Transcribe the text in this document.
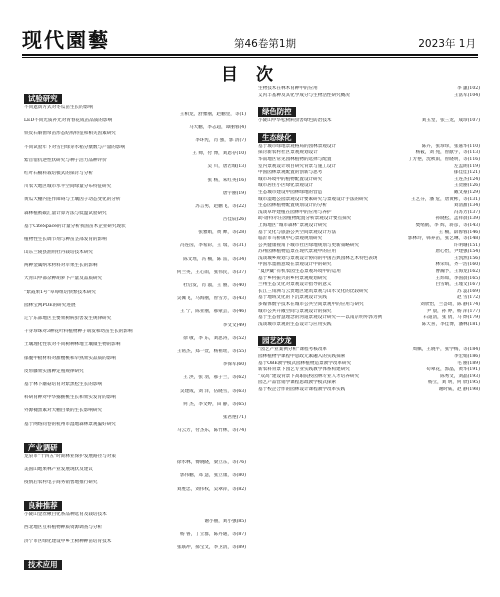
现代園藝	第46卷第1期	2023年 1月
目 次
试验研究
不同遮荫方式对冬瓜苗生长的影响
王相龙，舒雅丽，赵鹏里，等(1)
LED不同光质补光对青春花成苗品质的影响
马大鹏，李志超，谭丽蓉(4)
铁皮石斛窗帘苗形态结构特征和相关因素研究
李环宪，肖 强，郭 清(7)
不同试验年下对雪白绿芽水稻分蘖数与产量的影响
王 帅，付 博，刘恩存(10)
紫苜蓿抗逆性状研究与种子活力品种评价
吴 川，唐若城(13)
红叶石楠科栽培模式的探讨与分析
张 杨，朱红英(16)
川农大地区城市水平空间绿量分布特征研究
唐宇丽(19)
黄瓜大棚内连作障碍与土壤因子动态变化的分析
苏言男，赵鹏飞，等(22)
森林植被碳汇量计算方法与低温试验研究
古佳辰(26)
基于CiteSpace的计量分析我国苗木企业研究现状
张雅娟，黄 婵，等(28)
植物性生长调节剂与种苗茎部发育的影响
冯连茵，李希彩，王 瑞，等(31)
山东兰陵县油用牡丹栽培技术研究
陈文瑶，冯 楠，陈 雷，等(34)
两种金属纳米材料对苹果生长的影响
何兰英，王心雨，张伟民，等(37)
大青山中部杂种胡萝卜产量及品质研究
杜启发，肖 淑，王 丽，等(40)
“紫霞果1号”草莓组培快繁技术研究
吴佩飞，马海丽，曾雪芳，等(43)
园林宝网POE的研究进展
王 宁，陈亚丽，郝蒙芸，等(46)
辽宁东部地区主要果树病虫害发生规律研究
李文文(49)
千芽珍珠对3种花叶科植物种子萌发和幼苗生长的影响
徐 敬，李 东，刘思涛，等(52)
土壤理化性状对不同树种林地土壤微生物的影响
王铭杰，郑一萱，杨祖瑶，等(55)
郁腹甲板材料对甜樱桃和早熟果实品质的影响
李保军(60)
皮带藤果实菌种定殖规律研究
王 洪，张 羽，郝子兰，等(62)
基于林下蘑菇培育对紫黑松生长的影响
吴建成，刘 洋，伍晓雪，等(63)
科研育种对中华猕猴桃生长和果实发育的影响
何 杰，李文婷，田 静，等(65)
外源褪黑素对大棚白菜的生长影响研究
张君艳(71)
基于网络问卷的杭州市湿地森林景观偏好研究
马云芳，付杰乐，陈竹林，等(74)
产业调研
龙泉市“十四五”时期林业保护发展路径与对策
徐水林，傅晓晓，梁立东，等(76)
美国山地果林产业发展现状及建议
郭伟鹏，邓 慧，张立康，等(80)
疫情后农村电子商务销售地推行研究
刘胜忠，刘伟权，吴翠萍，等(82)
良种推荐
小陇山金丝楸白化系品种选育及栽培技术
谢小丽，刘小强(85)
西北地区豆科植物种质资源调查与分析
杨 鲁，丁立群，陈丹通，等(87)
济宁市区绿化建设中乡土树种种苗培育技术
张联冲，郝宝文，李卫清，等(89)
技术应用
生物技术在林木育种中的应用	李 蕙(102)
艾丙丰基种及其化学成分与生物活性研究概况	王富军(104)
绿色防控
小陇山中华松树病虫害绿色防治技术	刘玉堂，张三龙，成珍(107)
生态绿化
基于城市绿地景观格局的园林景观设计	陈卉，张珍珍，张嘉华(110)
探讨新农村社区景观规划设计	杨筱，刘 苑，曾献宇，等(113)
华南地区常见园林植物的选择与配置	丁芳艳，沈秋雨，曾晓明，等(116)
室内景观设计项目研究背景与施工设计	左孟朗(119)
中国园林景观配置的创新与思考	郁佳佳(121)
城市环境中的植物配置设计研究	王连杰(124)
城市居住小区绿化景观设计	王贺丽(126)
生态城市建设中园林绿地的营造	戴文豪(129)
城市湿地公园景观设计要素研究与景观设计手法的研究	王艺芬，潘 危，唐黄彬，等(131)
生态园林植物配置规划设计的分析	刘清甜(134)
浅谈草坪建植在园林中的应用与养护	冯苏芳(137)
助·谱特尔庄园植物配置分析景观设计要点探究	孙晓松，孟祥晨(139)
上海地区“城市森林”景观设计研究	樊绪鹤，李 辉，蒋彦，等(143)
基于文化与旅游公共空间景观设计方法	王 楠，薛蓉蓉(146)
临沂市马桥镇中心景观规划研究	郭林玲，韩养苗，张艺琳，等(148)
公共健康视角下城市社区绿地规划与更新策略研究	许明珊(151)
苏州园林植物造景在现代景观中的应用	唐心怡，尹建强(154)
浅谈城乡规划与景观设计协同的中国古典园林艺术特色表现	王凯然(156)
中国水墨画意境在景观设计中的研究	林荣琪，齐一浩(160)
“夏伊藏”有机农园生态景观环境中的运用	曹瀚予，王海龙(162)
基于乡村振兴的乡村景观规划研究	王炜如，李国晨(165)
兰州生态文化对景观设计指导的意义	白雪晴，王瑾文(167)
长江三角洲与云贵地区建筑景观与山水文化的比较研究	苏 蕊(169)
基于地域文化的下沉景观设计实践	赵 雪(172)
多媒体数字技术在城市公共空间景观中的应用与研究	刘欣怡，兰荟琦，陈 静(174)
城市公共开敞空间与景观设计的探究	尹 晨，孙 婷，杨 萍(177)
基于生态智慧理念的河道景观设计研究——以南京明外郭为例	石道清，张 倩，马 烨(179)
浅谈城市景观的生态设计与应用实践	陈天喜，李佳博，潘林(181)
园艺沙龙
“园艺产业案例分析”课程考核改革	周佩，王晓平，张学梅，等(184)
园林植物学课程中思政元素融入的实践探索	李宏娟(186)
基于OBE教学模式园林植物造景教学改革研究	毛 丽(189)
新农科背景下园艺专业实践教学体系构建研究	苟翠花，郭晶，黄华(191)
“双高”建设背景下高职院校园林专业人才培养研究	陈秀文，刘晶(193)
园艺产品营销学课程思政教学模式探索	杨立，刘 明，何 欣(195)
基于校企合作的园林设计课程教学改革实践	谢时威，赵 静(198)
